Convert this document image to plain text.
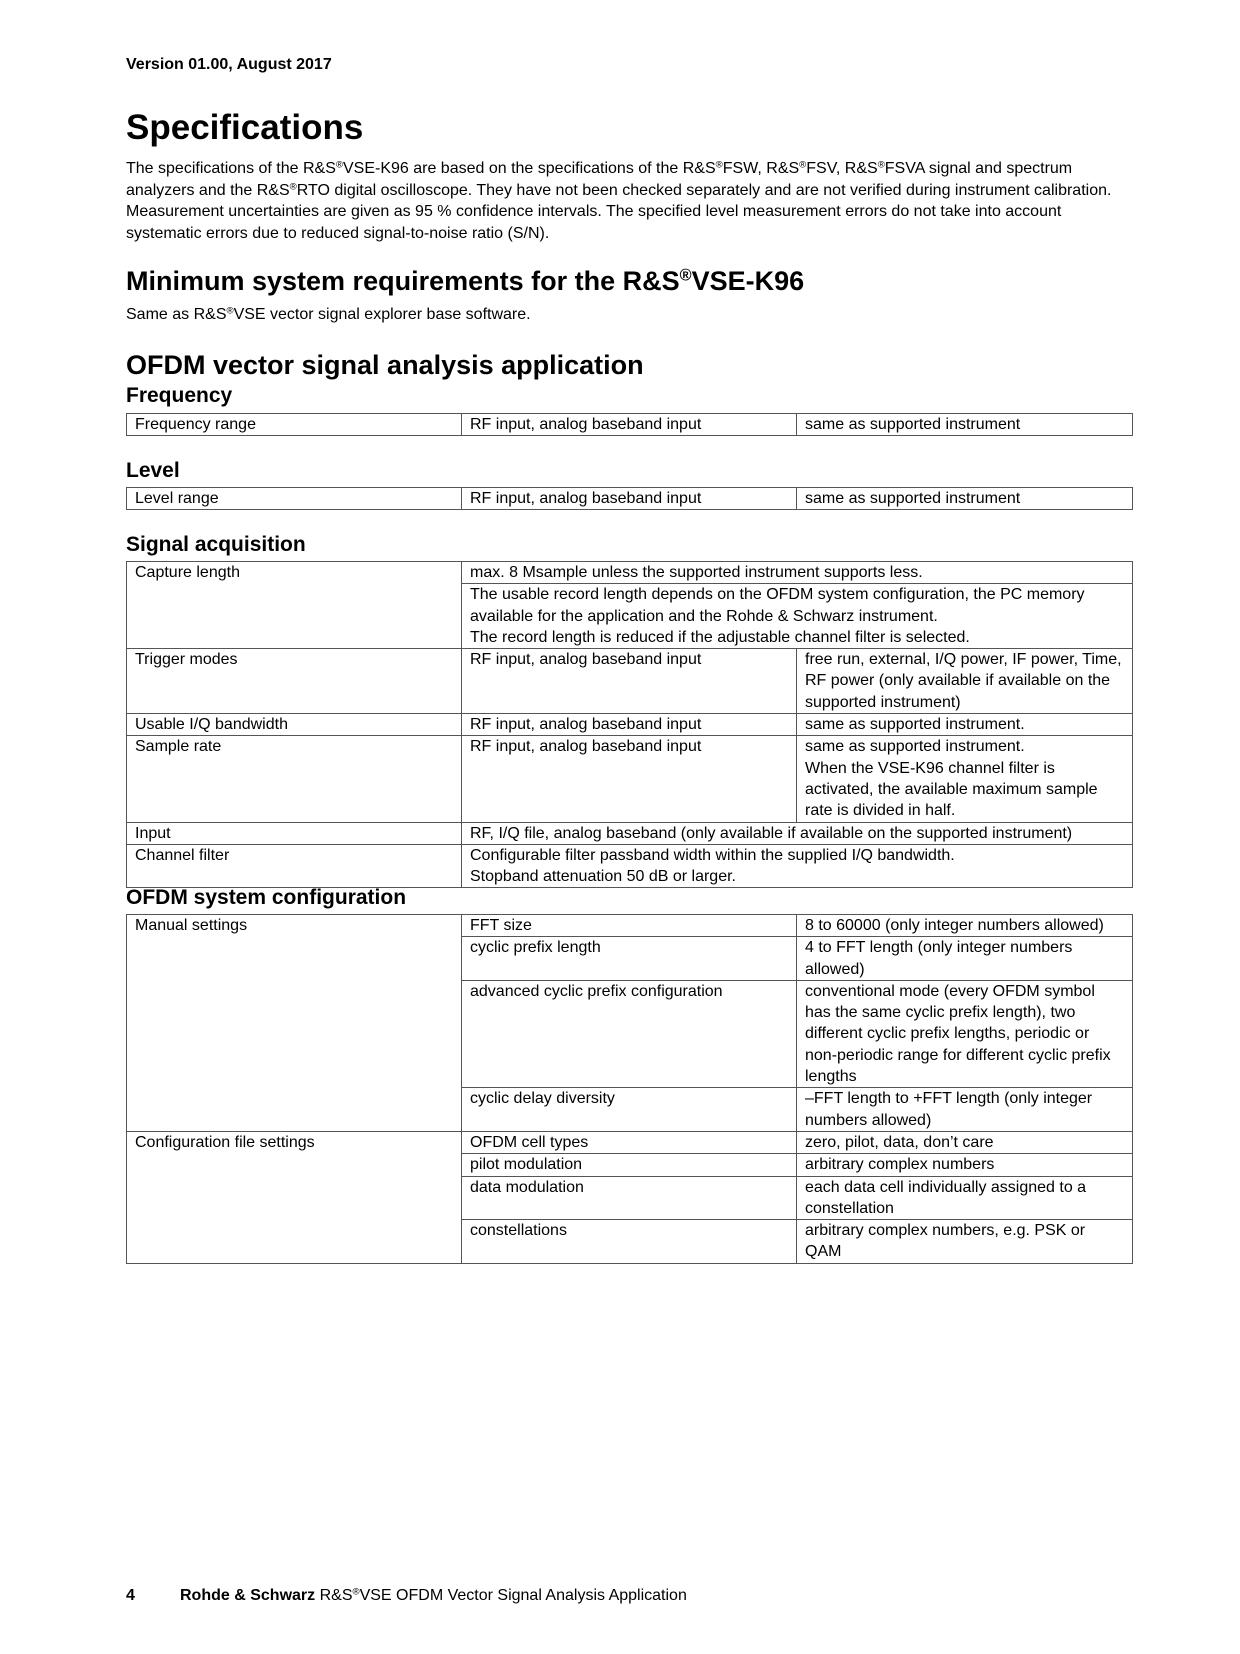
Version 01.00, August 2017
Specifications

The specifications of the R&S®VSE-K96 are based on the specifications of the R&S®FSW, R&S®FSV, R&S®FSVA signal and spectrum analyzers and the R&S®RTO digital oscilloscope. They have not been checked separately and are not verified during instrument calibration. Measurement uncertainties are given as 95 % confidence intervals. The specified level measurement errors do not take into account systematic errors due to reduced signal-to-noise ratio (S/N).

Minimum system requirements for the R&S®VSE-K96

Same as R&S®VSE vector signal explorer base software.

OFDM vector signal analysis application
Frequency
Frequency range	RF input, analog baseband input	same as supported instrument
Level
Level range	RF input, analog baseband input	same as supported instrument
Signal acquisition
Capture length	max. 8 Msample unless the supported instrument supports less.	
	The usable record length depends on the OFDM system configuration, the PC memory available for the application and the Rohde & Schwarz instrument.
The record length is reduced if the adjustable channel filter is selected.	
Trigger modes	RF input, analog baseband input	free run, external, I/Q power, IF power, Time, RF power (only available if available on the supported instrument)
Usable I/Q bandwidth	RF input, analog baseband input	same as supported instrument.
Sample rate	RF input, analog baseband input	same as supported instrument.
When the VSE-K96 channel filter is activated, the available maximum sample rate is divided in half.
Input	RF, I/Q file, analog baseband (only available if available on the supported instrument)	
Channel filter	Configurable filter passband width within the supplied I/Q bandwidth.
Stopband attenuation 50 dB or larger.	
OFDM system configuration
Manual settings	FFT size	8 to 60000 (only integer numbers allowed)
	cyclic prefix length	4 to FFT length (only integer numbers allowed)
	advanced cyclic prefix configuration	conventional mode (every OFDM symbol has the same cyclic prefix length), two different cyclic prefix lengths, periodic or non-periodic range for different cyclic prefix lengths
	cyclic delay diversity	–FFT length to +FFT length (only integer numbers allowed)
Configuration file settings	OFDM cell types	zero, pilot, data, don’t care
	pilot modulation	arbitrary complex numbers
	data modulation	each data cell individually assigned to a constellation
	constellations	arbitrary complex numbers, e.g. PSK or QAM
4	Rohde & Schwarz R&S®VSE OFDM Vector Signal Analysis Application
